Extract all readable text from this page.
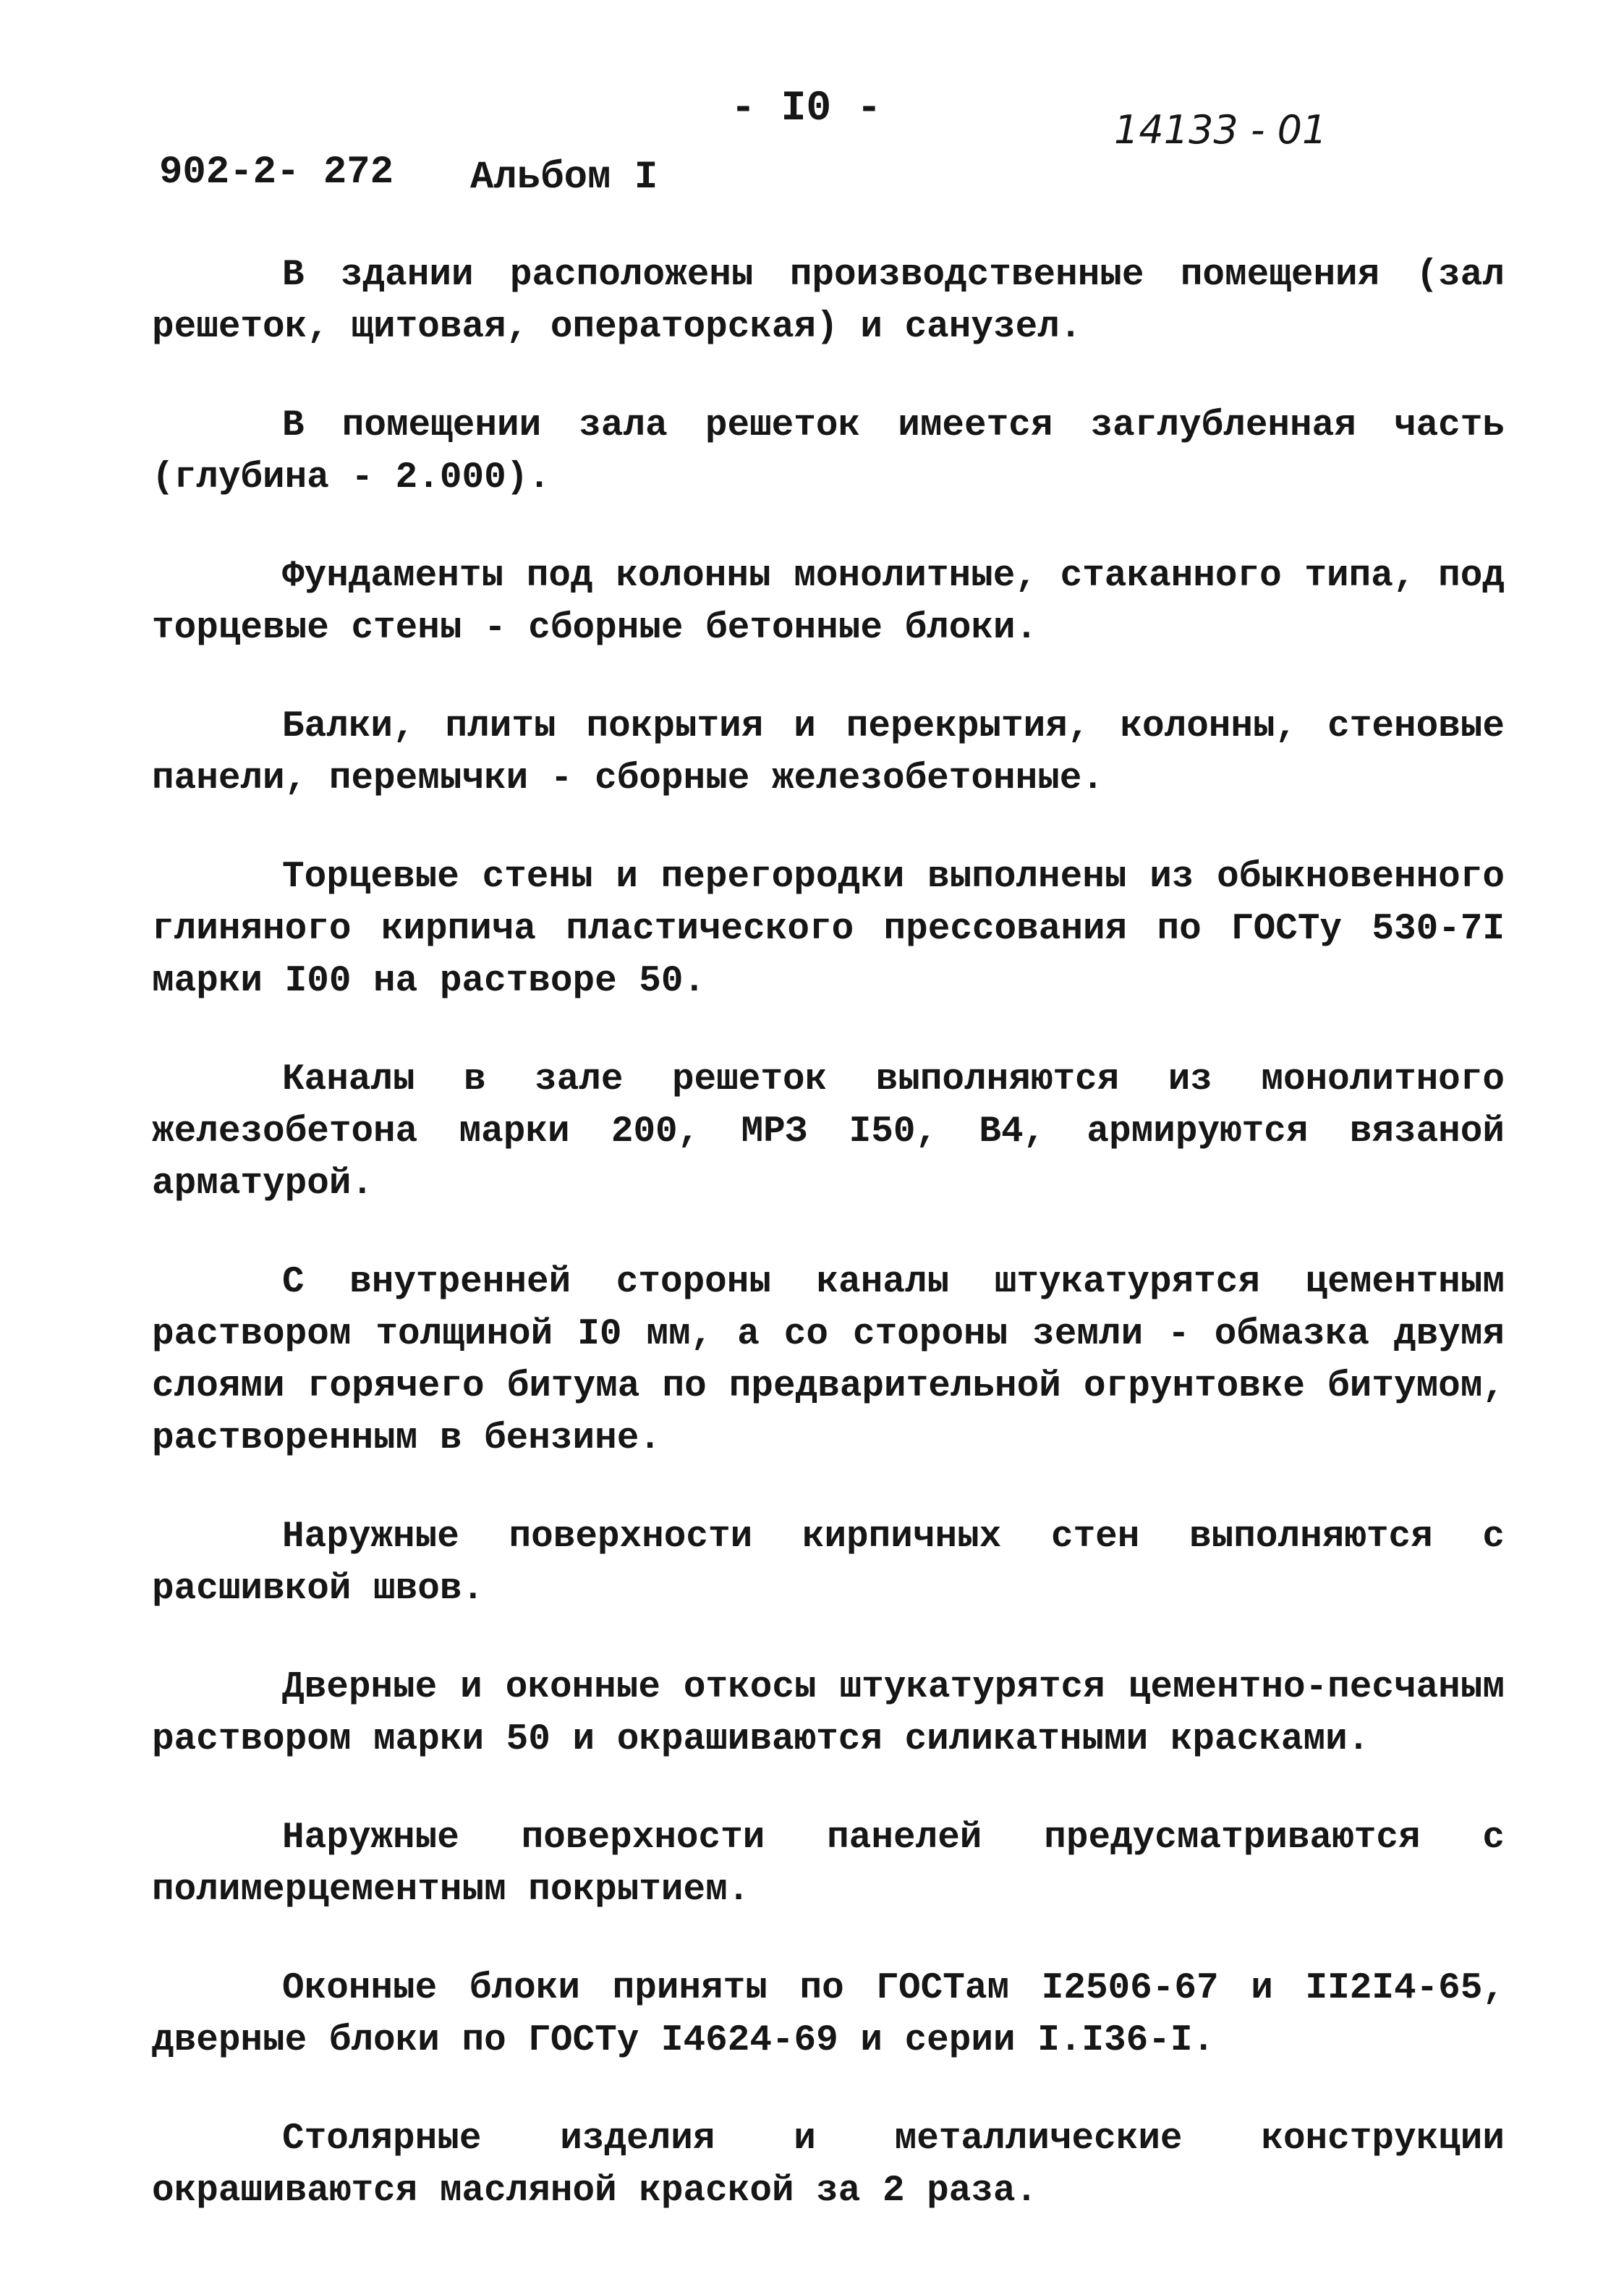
- I0 -	14133 - 01
902-2- 272 Альбом I

В здании расположены производственные помещения (зал решеток, щитовая, операторская) и санузел.

В помещении зала решеток имеется заглубленная часть (глубина - 2.000).

Фундаменты под колонны монолитные, стаканного типа, под торцевые стены - сборные бетонные блоки.

Балки, плиты покрытия и перекрытия, колонны, стеновые панели, перемычки - сборные железобетонные.

Торцевые стены и перегородки выполнены из обыкновенного глиняного кирпича пластического прессования по ГОСТу 530-7I марки I00 на растворе 50.

Каналы в зале решеток выполняются из монолитного железобетона марки 200, МРЗ I50, В4, армируются вязаной арматурой.

С внутренней стороны каналы штукатурятся цементным раствором толщиной I0 мм, а со стороны земли - обмазка двумя слоями горячего битума по предварительной огрунтовке битумом, растворенным в бензине.

Наружные поверхности кирпичных стен выполняются с расшивкой швов.

Дверные и оконные откосы штукатурятся цементно-песчаным раствором марки 50 и окрашиваются силикатными красками.

Наружные поверхности панелей предусматриваются с полимерцементным покрытием.

Оконные блоки приняты по ГОСТам I2506-67 и II2I4-65, дверные блоки по ГОСТу I4624-69 и серии I.I36-I.

Столярные изделия и металлические конструкции окрашиваются масляной краской за 2 раза.
